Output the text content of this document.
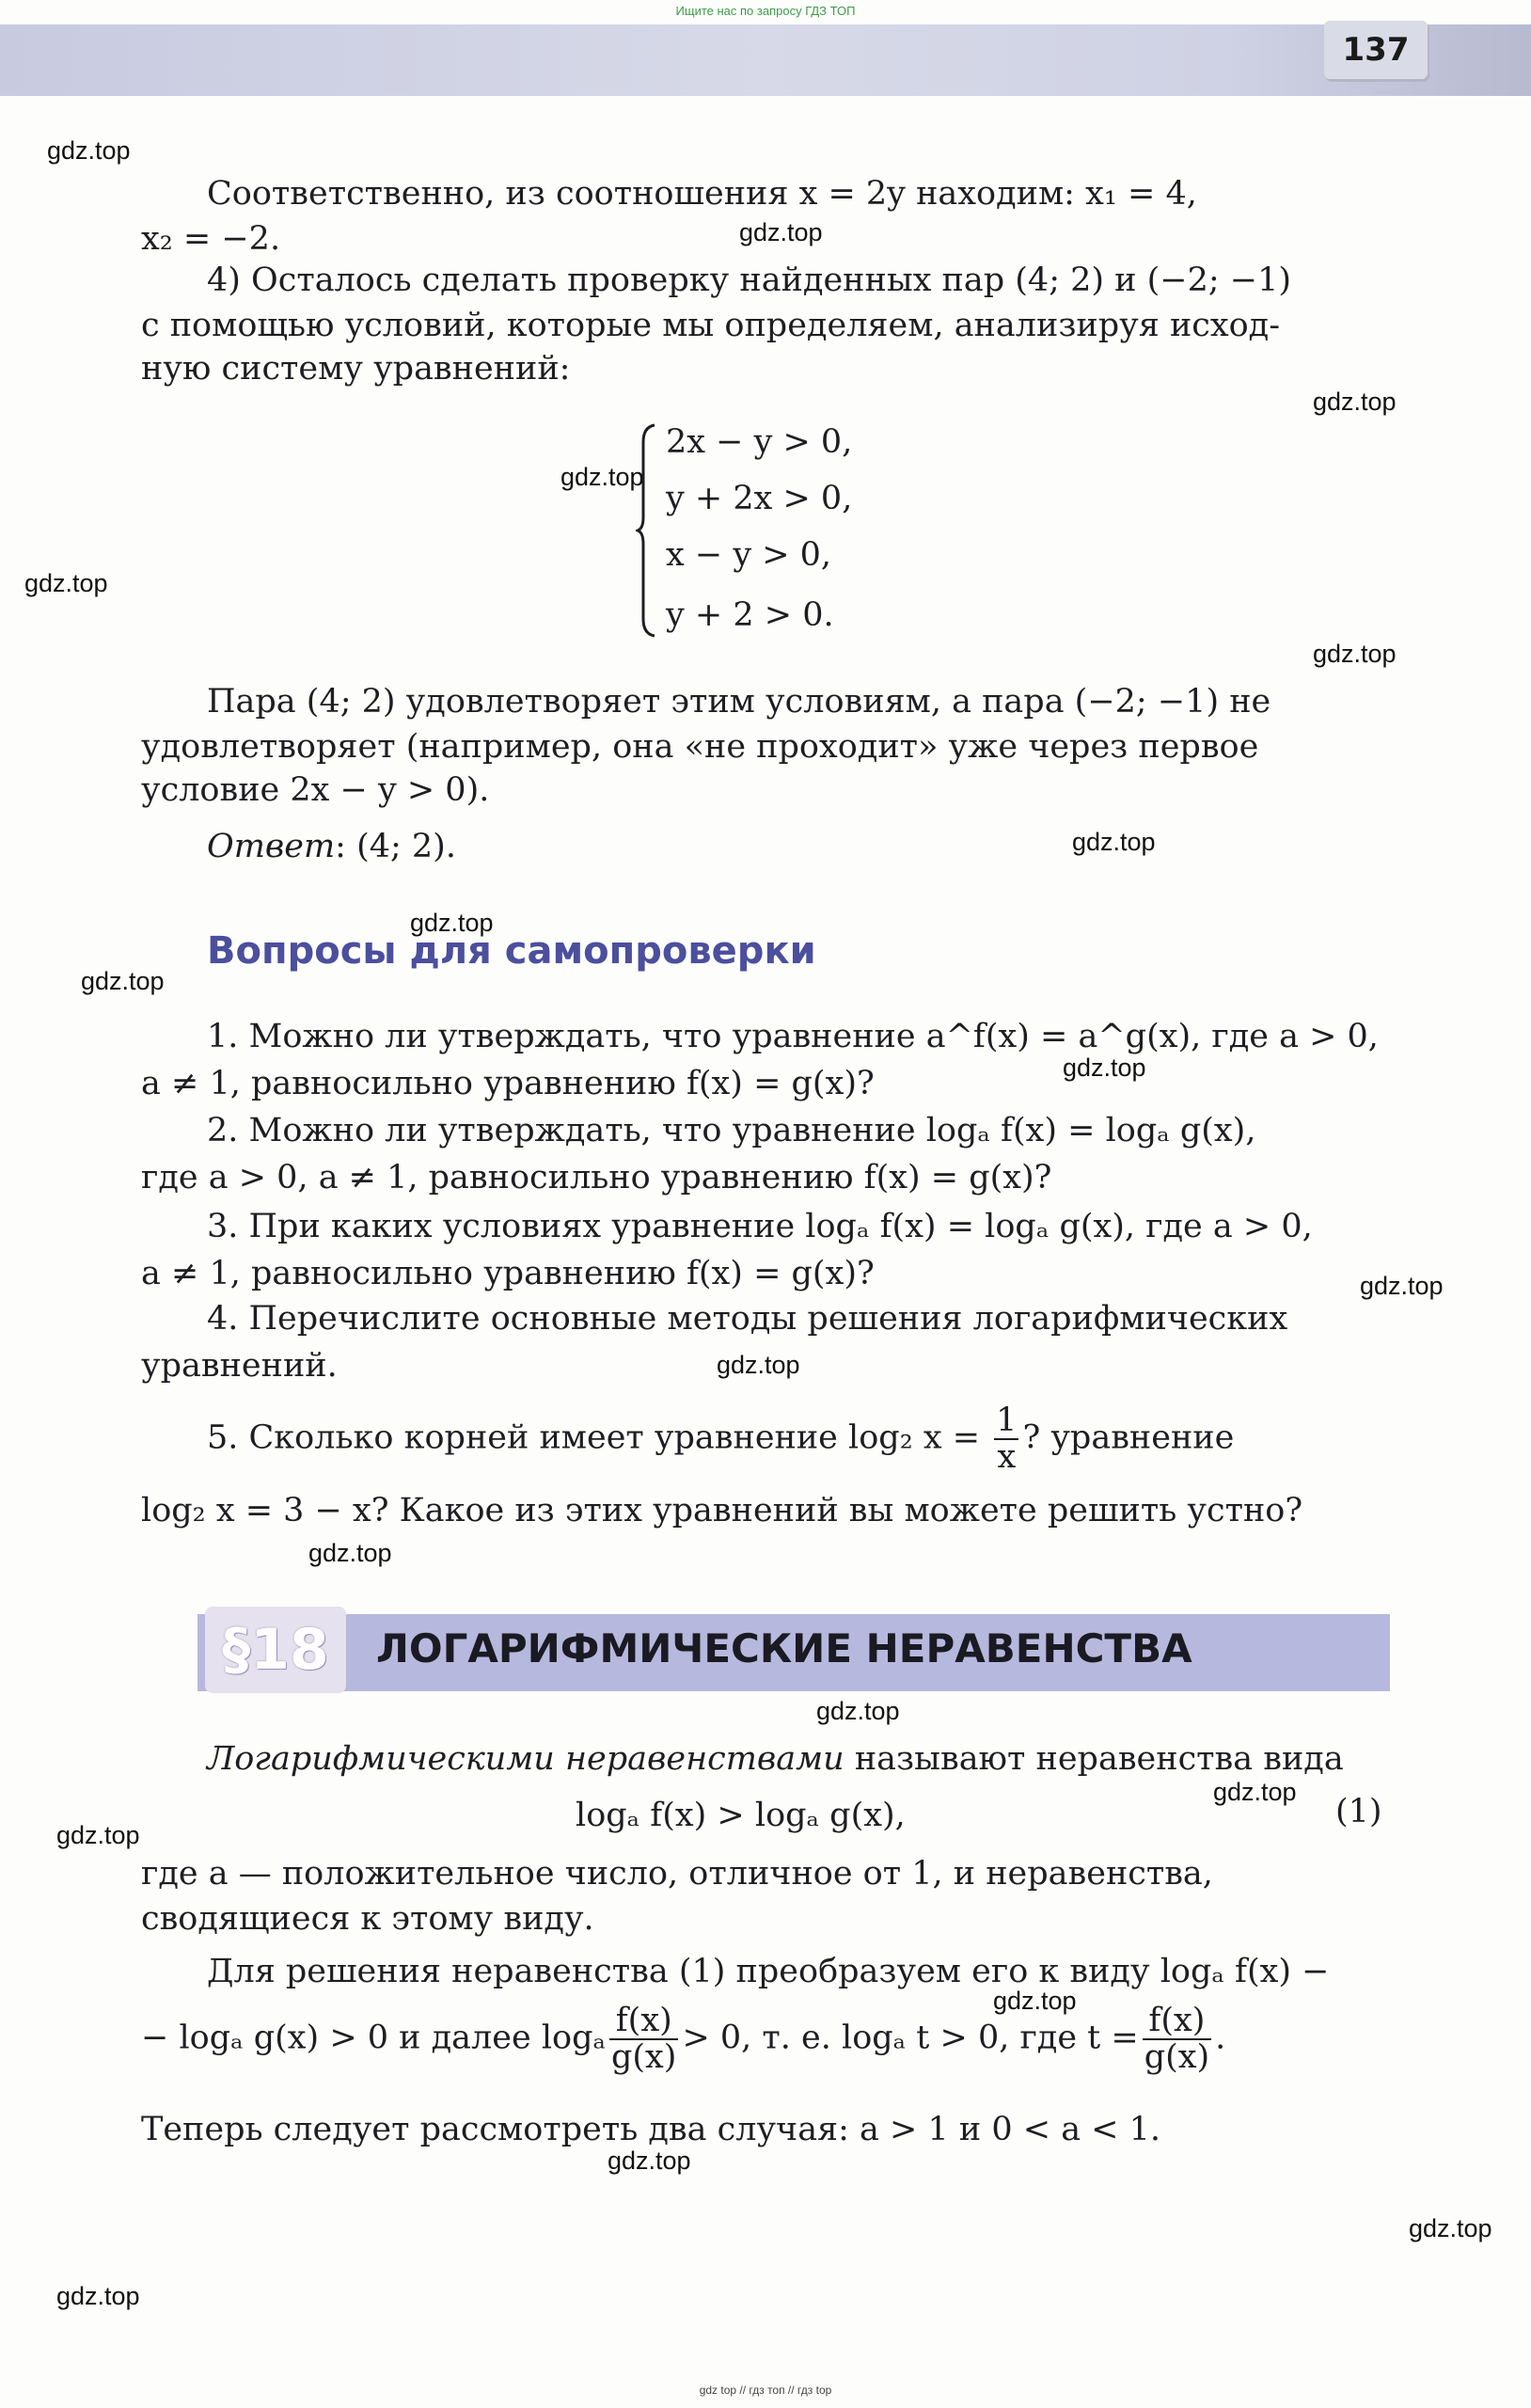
Ищите нас по запросу ГДЗ ТОП
137
gdz.top
gdz.top
gdz.top
gdz.top
gdz.top
gdz.top
gdz.top
gdz.top
gdz.top
gdz.top
gdz.top
gdz.top
gdz.top
gdz.top
gdz.top
gdz.top
gdz.top
gdz.top
gdz.top
gdz.top
Соответственно, из соотношения x = 2y находим: x₁ = 4,
x₂ = −2.
4) Осталось сделать проверку найденных пар (4; 2) и (−2; −1)
с помощью условий, которые мы определяем, анализируя исход-
ную систему уравнений:
2x − y > 0,
y + 2x > 0,
x − y > 0,
y + 2 > 0.
Пара (4; 2) удовлетворяет этим условиям, а пара (−2; −1) не
удовлетворяет (например, она «не проходит» уже через первое
условие 2x − y > 0).
Ответ: (4; 2).
Вопросы для самопроверки
1. Можно ли утверждать, что уравнение a^f(x) = a^g(x), где a > 0,
a ≠ 1, равносильно уравнению f(x) = g(x)?
2. Можно ли утверждать, что уравнение logₐ f(x) = logₐ g(x),
где a > 0, a ≠ 1, равносильно уравнению f(x) = g(x)?
3. При каких условиях уравнение logₐ f(x) = logₐ g(x), где a > 0,
a ≠ 1, равносильно уравнению f(x) = g(x)?
4. Перечислите основные методы решения логарифмических
уравнений.
5. Сколько корней имеет уравнение log₂ $x = \frac{1}{x}$ ? уравнение
log₂ x = 3 − x? Какое из этих уравнений вы можете решить устно?
§18	ЛОГАРИФМИЧЕСКИЕ НЕРАВЕНСТВА
Логарифмическими неравенствами называют неравенства вида
logₐ f(x) > logₐ g(x),	(1)
где a — положительное число, отличное от 1, и неравенства,
сводящиеся к этому виду.
Для решения неравенства (1) преобразуем его к виду logₐ f(x) −
− logₐ g(x) > 0 и далее logₐ $\frac{f(x)}{g(x)} > 0$, т. е. logₐ t > 0, где $t = \frac{f(x)}{g(x)}$ .
Теперь следует рассмотреть два случая: a > 1 и 0 < a < 1.
gdz top // гдз топ // гдз top
